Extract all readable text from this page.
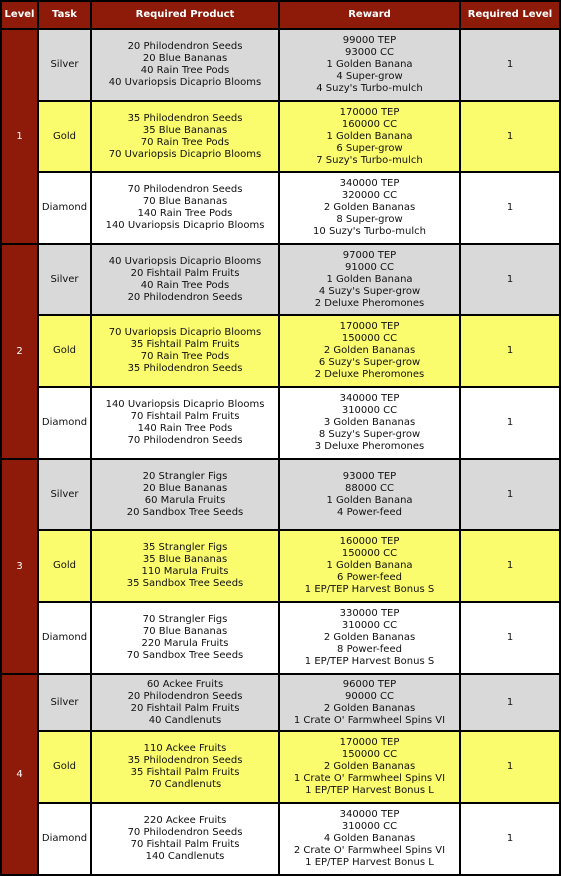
Level	Task	Required Product	Reward	Required Level
1	Silver	20 Philodendron Seeds
20 Blue Bananas
40 Rain Tree Pods
40 Uvariopsis Dicaprio Blooms	99000 TEP
93000 CC
1 Golden Banana
4 Super-grow
4 Suzy's Turbo-mulch	1
	Gold	35 Philodendron Seeds
35 Blue Bananas
70 Rain Tree Pods
70 Uvariopsis Dicaprio Blooms	170000 TEP
160000 CC
1 Golden Banana
6 Super-grow
7 Suzy's Turbo-mulch	1
	Diamond	70 Philodendron Seeds
70 Blue Bananas
140 Rain Tree Pods
140 Uvariopsis Dicaprio Blooms	340000 TEP
320000 CC
2 Golden Bananas
8 Super-grow
10 Suzy's Turbo-mulch	1
2	Silver	40 Uvariopsis Dicaprio Blooms
20 Fishtail Palm Fruits
40 Rain Tree Pods
20 Philodendron Seeds	97000 TEP
91000 CC
1 Golden Banana
4 Suzy's Super-grow
2 Deluxe Pheromones	1
	Gold	70 Uvariopsis Dicaprio Blooms
35 Fishtail Palm Fruits
70 Rain Tree Pods
35 Philodendron Seeds	170000 TEP
150000 CC
2 Golden Bananas
6 Suzy's Super-grow
2 Deluxe Pheromones	1
	Diamond	140 Uvariopsis Dicaprio Blooms
70 Fishtail Palm Fruits
140 Rain Tree Pods
70 Philodendron Seeds	340000 TEP
310000 CC
3 Golden Bananas
8 Suzy's Super-grow
3 Deluxe Pheromones	1
3	Silver	20 Strangler Figs
20 Blue Bananas
60 Marula Fruits
20 Sandbox Tree Seeds	93000 TEP
88000 CC
1 Golden Banana
4 Power-feed	1
	Gold	35 Strangler Figs
35 Blue Bananas
110 Marula Fruits
35 Sandbox Tree Seeds	160000 TEP
150000 CC
1 Golden Banana
6 Power-feed
1 EP/TEP Harvest Bonus S	1
	Diamond	70 Strangler Figs
70 Blue Bananas
220 Marula Fruits
70 Sandbox Tree Seeds	330000 TEP
310000 CC
2 Golden Bananas
8 Power-feed
1 EP/TEP Harvest Bonus S	1
4	Silver	60 Ackee Fruits
20 Philodendron Seeds
20 Fishtail Palm Fruits
40 Candlenuts	96000 TEP
90000 CC
2 Golden Bananas
1 Crate O' Farmwheel Spins VI	1
	Gold	110 Ackee Fruits
35 Philodendron Seeds
35 Fishtail Palm Fruits
70 Candlenuts	170000 TEP
150000 CC
2 Golden Bananas
1 Crate O' Farmwheel Spins VI
1 EP/TEP Harvest Bonus L	1
	Diamond	220 Ackee Fruits
70 Philodendron Seeds
70 Fishtail Palm Fruits
140 Candlenuts	340000 TEP
310000 CC
4 Golden Bananas
2 Crate O' Farmwheel Spins VI
1 EP/TEP Harvest Bonus L	1
